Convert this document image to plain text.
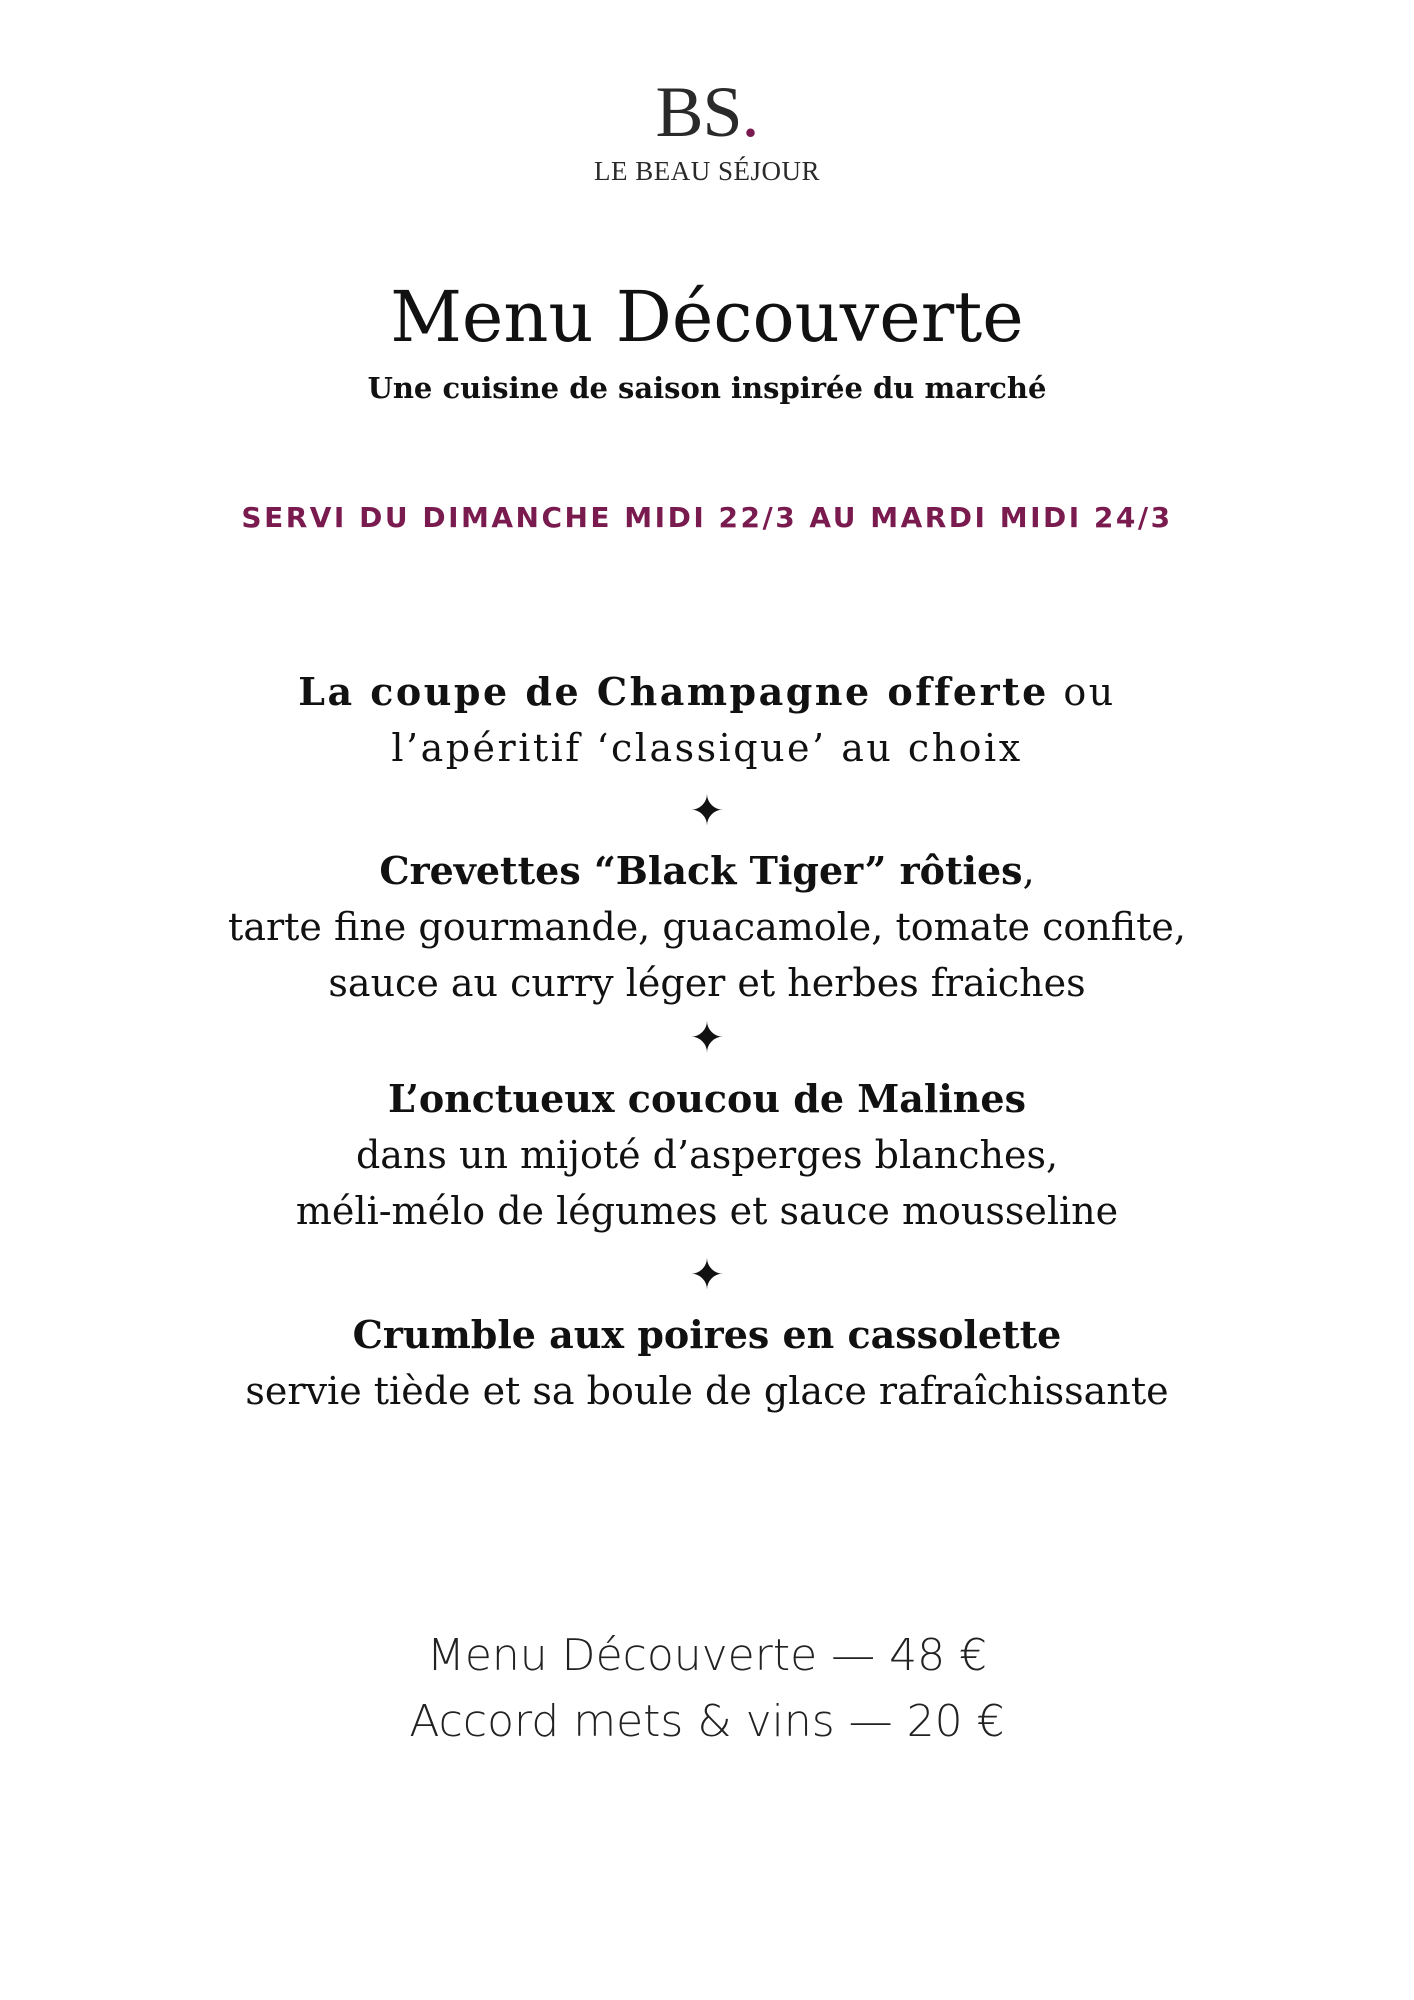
BS.
LE BEAU SÉJOUR
Menu Découverte
Une cuisine de saison inspirée du marché
SERVI DU DIMANCHE MIDI 22/3 AU MARDI MIDI 24/3
La coupe de Champagne offerte ou
l’apéritif ‘classique’ au choix
✦
Crevettes “Black Tiger” rôties,
tarte fine gourmande, guacamole, tomate confite,
sauce au curry léger et herbes fraiches
✦
L’onctueux coucou de Malines
dans un mijoté d’asperges blanches,
méli-mélo de légumes et sauce mousseline
✦
Crumble aux poires en cassolette
servie tiède et sa boule de glace rafraîchissante
Menu Découverte — 48 €
Accord mets & vins — 20 €
